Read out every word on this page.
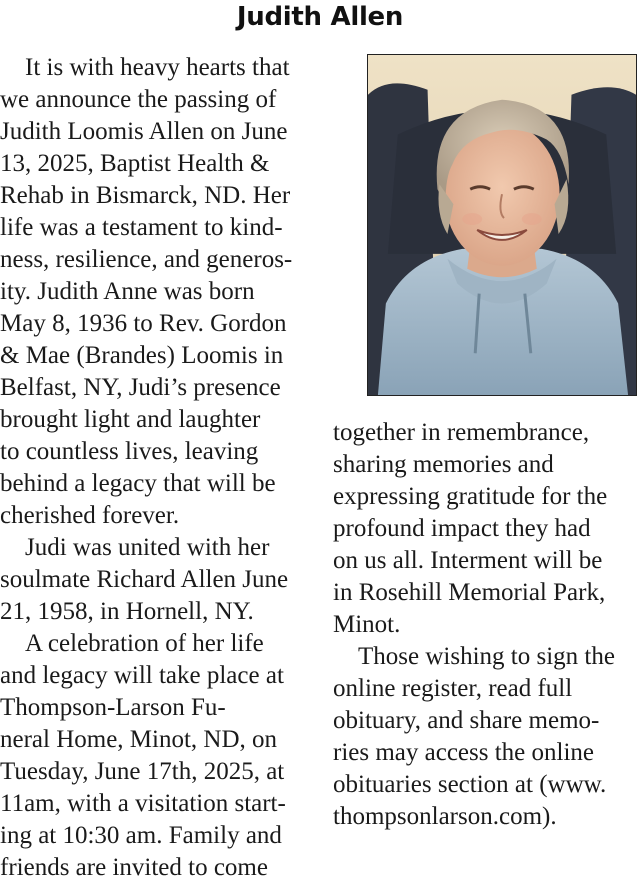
Judith Allen
 It is with heavy hearts that
we announce the passing of
Judith Loomis Allen on June
13, 2025, Baptist Health &
Rehab in Bismarck, ND. Her
life was a testament to kind-
ness, resilience, and generos-
ity. Judith Anne was born
May 8, 1936 to Rev. Gordon
& Mae (Brandes) Loomis in
Belfast, NY, Judi’s presence
brought light and laughter
to countless lives, leaving
behind a legacy that will be
cherished forever.
 Judi was united with her
soulmate Richard Allen June
21, 1958, in Hornell, NY.
 A celebration of her life
and legacy will take place at
Thompson-Larson Fu-
neral Home, Minot, ND, on
Tuesday, June 17th, 2025, at
11am, with a visitation start-
ing at 10:30 am. Family and
friends are invited to come
together in remembrance,
sharing memories and
expressing gratitude for the
profound impact they had
on us all. Interment will be
in Rosehill Memorial Park,
Minot.
 Those wishing to sign the
online register, read full
obituary, and share memo-
ries may access the online
obituaries section at (www.
thompsonlarson.com).
